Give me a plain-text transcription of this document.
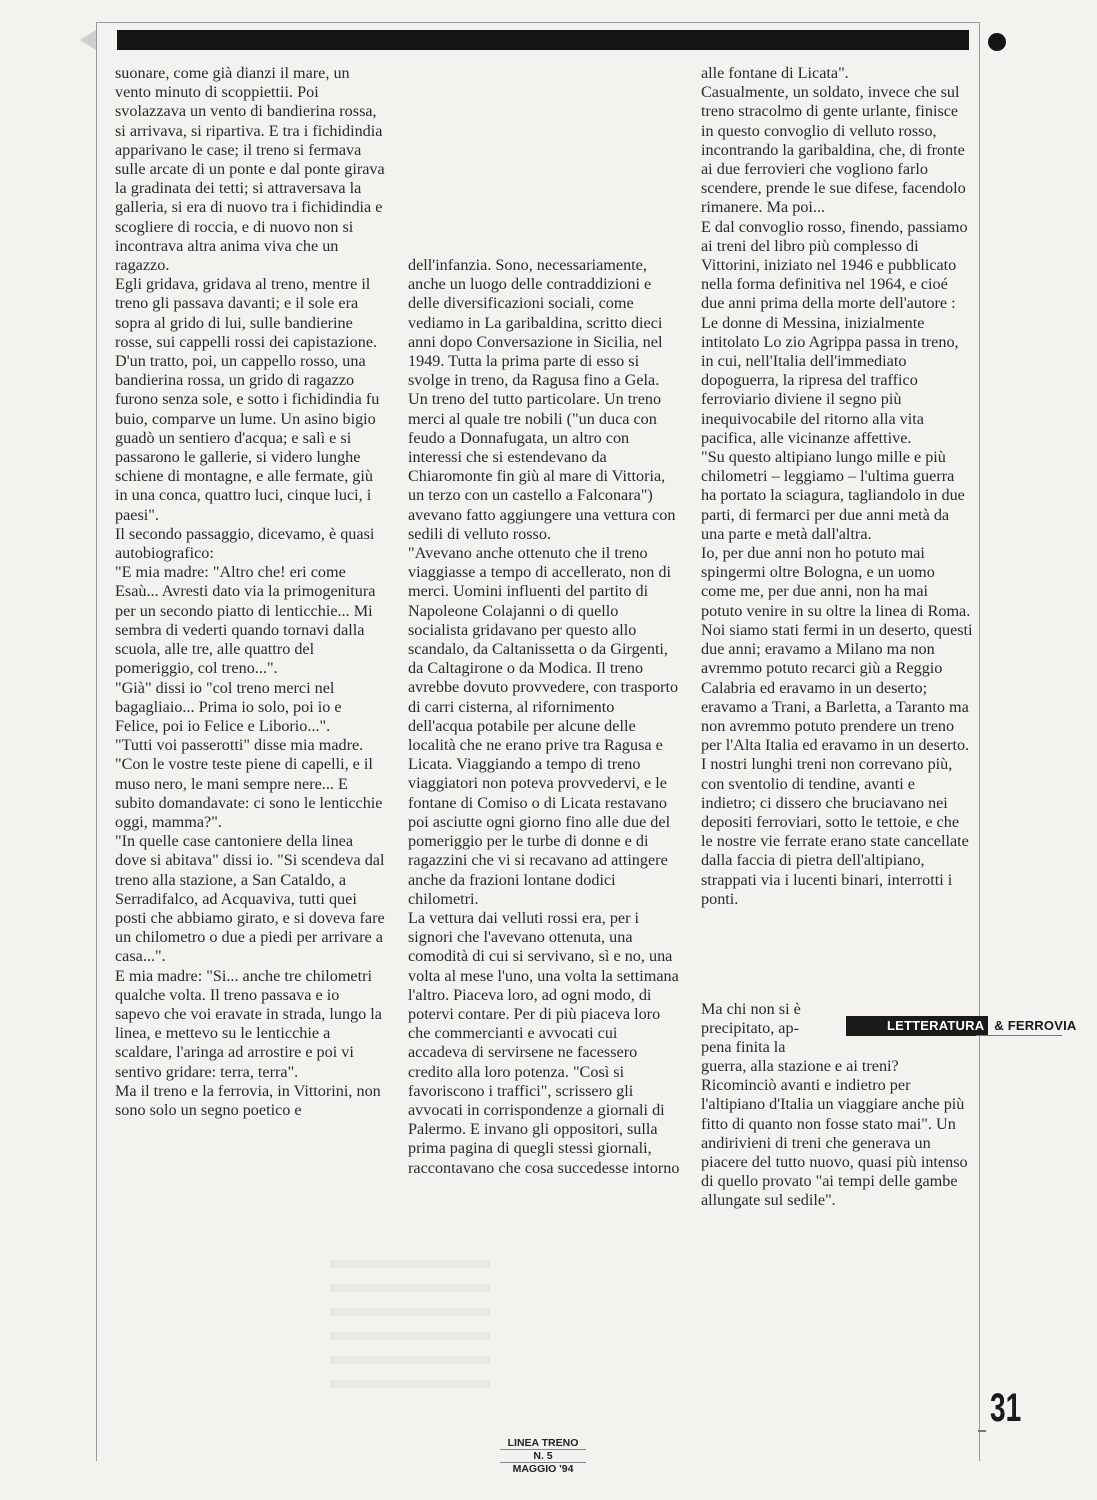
suonare, come già dianzi il mare, un vento minuto di scoppiettii. Poi svolazzava un vento di bandierina rossa, si arrivava, si ripartiva. E tra i fichidindia apparivano le case; il treno si fermava sulle arcate di un ponte e dal ponte girava la gradinata dei tetti; si attraversava la galleria, si era di nuovo tra i fichidindia e scogliere di roccia, e di nuovo non si incontrava altra anima viva che un ragazzo.

Egli gridava, gridava al treno, mentre il treno gli passava davanti; e il sole era sopra al grido di lui, sulle bandierine rosse, sui cappelli rossi dei capistazione.

D'un tratto, poi, un cappello rosso, una bandierina rossa, un grido di ragazzo furono senza sole, e sotto i fichidindia fu buio, comparve un lume. Un asino bigio guadò un sentiero d'acqua; e salì e si passarono le gallerie, si videro lunghe schiene di montagne, e alle fermate, giù in una conca, quattro luci, cinque luci, i paesi".

Il secondo passaggio, dicevamo, è quasi autobiografico:

"E mia madre: "Altro che! eri come Esaù... Avresti dato via la primogenitura per un secondo piatto di lenticchie... Mi sembra di vederti quando tornavi dalla scuola, alle tre, alle quattro del pomeriggio, col treno...".

"Già" dissi io "col treno merci nel bagagliaio... Prima io solo, poi io e Felice, poi io Felice e Liborio...".

"Tutti voi passerotti" disse mia madre. "Con le vostre teste piene di capelli, e il muso nero, le mani sempre nere... E subito domandavate: ci sono le lenticchie oggi, mamma?".

"In quelle case cantoniere della linea dove si abitava" dissi io. "Si scendeva dal treno alla stazione, a San Cataldo, a Serradifalco, ad Acquaviva, tutti quei posti che abbiamo girato, e si doveva fare un chilometro o due a piedi per arrivare a casa...".

E mia madre: "Si... anche tre chilometri qualche volta. Il treno passava e io sapevo che voi eravate in strada, lungo la linea, e mettevo su le lenticchie a scaldare, l'aringa ad arrostire e poi vi sentivo gridare: terra, terra".

Ma il treno e la ferrovia, in Vittorini, non sono solo un segno poetico e

dell'infanzia. Sono, necessariamente, anche un luogo delle contraddizioni e delle diversificazioni sociali, come vediamo in La garibaldina, scritto dieci anni dopo Conversazione in Sicilia, nel 1949. Tutta la prima parte di esso si svolge in treno, da Ragusa fino a Gela. Un treno del tutto particolare. Un treno merci al quale tre nobili ("un duca con feudo a Donnafugata, un altro con interessi che si estendevano da Chiaromonte fin giù al mare di Vittoria, un terzo con un castello a Falconara") avevano fatto aggiungere una vettura con sedili di velluto rosso.

"Avevano anche ottenuto che il treno viaggiasse a tempo di accellerato, non di merci. Uomini influenti del partito di Napoleone Colajanni o di quello socialista gridavano per questo allo scandalo, da Caltanissetta o da Girgenti, da Caltagirone o da Modica. Il treno avrebbe dovuto provvedere, con trasporto di carri cisterna, al rifornimento dell'acqua potabile per alcune delle località che ne erano prive tra Ragusa e Licata. Viaggiando a tempo di treno viaggiatori non poteva provvedervi, e le fontane di Comiso o di Licata restavano poi asciutte ogni giorno fino alle due del pomeriggio per le turbe di donne e di ragazzini che vi si recavano ad attingere anche da frazioni lontane dodici chilometri.

La vettura dai velluti rossi era, per i signori che l'avevano ottenuta, una comodità di cui si servivano, sì e no, una volta al mese l'uno, una volta la settimana l'altro. Piaceva loro, ad ogni modo, di potervi contare. Per di più piaceva loro che commercianti e avvocati cui accadeva di servirsene ne facessero credito alla loro potenza. "Così si favoriscono i traffici", scrissero gli avvocati in corrispondenze a giornali di Palermo. E invano gli oppositori, sulla prima pagina di quegli stessi giornali, raccontavano che cosa succedesse intorno

alle fontane di Licata".

Casualmente, un soldato, invece che sul treno stracolmo di gente urlante, finisce in questo convoglio di velluto rosso, incontrando la garibaldina, che, di fronte ai due ferrovieri che vogliono farlo scendere, prende le sue difese, facendolo rimanere. Ma poi...

E dal convoglio rosso, finendo, passiamo ai treni del libro più complesso di Vittorini, iniziato nel 1946 e pubblicato nella forma definitiva nel 1964, e cioé due anni prima della morte dell'autore : Le donne di Messina, inizialmente intitolato Lo zio Agrippa passa in treno, in cui, nell'Italia dell'immediato dopoguerra, la ripresa del traffico ferroviario diviene il segno più inequivocabile del ritorno alla vita pacifica, alle vicinanze affettive.

"Su questo altipiano lungo mille e più chilometri – leggiamo – l'ultima guerra ha portato la sciagura, tagliandolo in due parti, di fermarci per due anni metà da una parte e metà dall'altra.

Io, per due anni non ho potuto mai spingermi oltre Bologna, e un uomo come me, per due anni, non ha mai potuto venire in su oltre la linea di Roma. Noi siamo stati fermi in un deserto, questi due anni; eravamo a Milano ma non avremmo potuto recarci giù a Reggio Calabria ed eravamo in un deserto; eravamo a Trani, a Barletta, a Taranto ma non avremmo potuto prendere un treno per l'Alta Italia ed eravamo in un deserto. I nostri lunghi treni non correvano più, con sventolio di tendine, avanti e indietro; ci dissero che bruciavano nei depositi ferroviari, sotto le tettoie, e che le nostre vie ferrate erano state cancellate dalla faccia di pietra dell'altipiano, strappati via i lucenti binari, interrotti i ponti.

Ma chi non si è
precipitato, ap-
pena finita la

guerra, alla stazione e ai treni? Ricominciò avanti e indietro per l'altipiano d'Italia un viaggiare anche più fitto di quanto non fosse stato mai". Un andirivieni di treni che generava un piacere del tutto nuovo, quasi più intenso di quello provato "ai tempi delle gambe allungate sul sedile".

LETTERATURA & FERROVIA
31
LINEA TRENO
N. 5
MAGGIO '94
